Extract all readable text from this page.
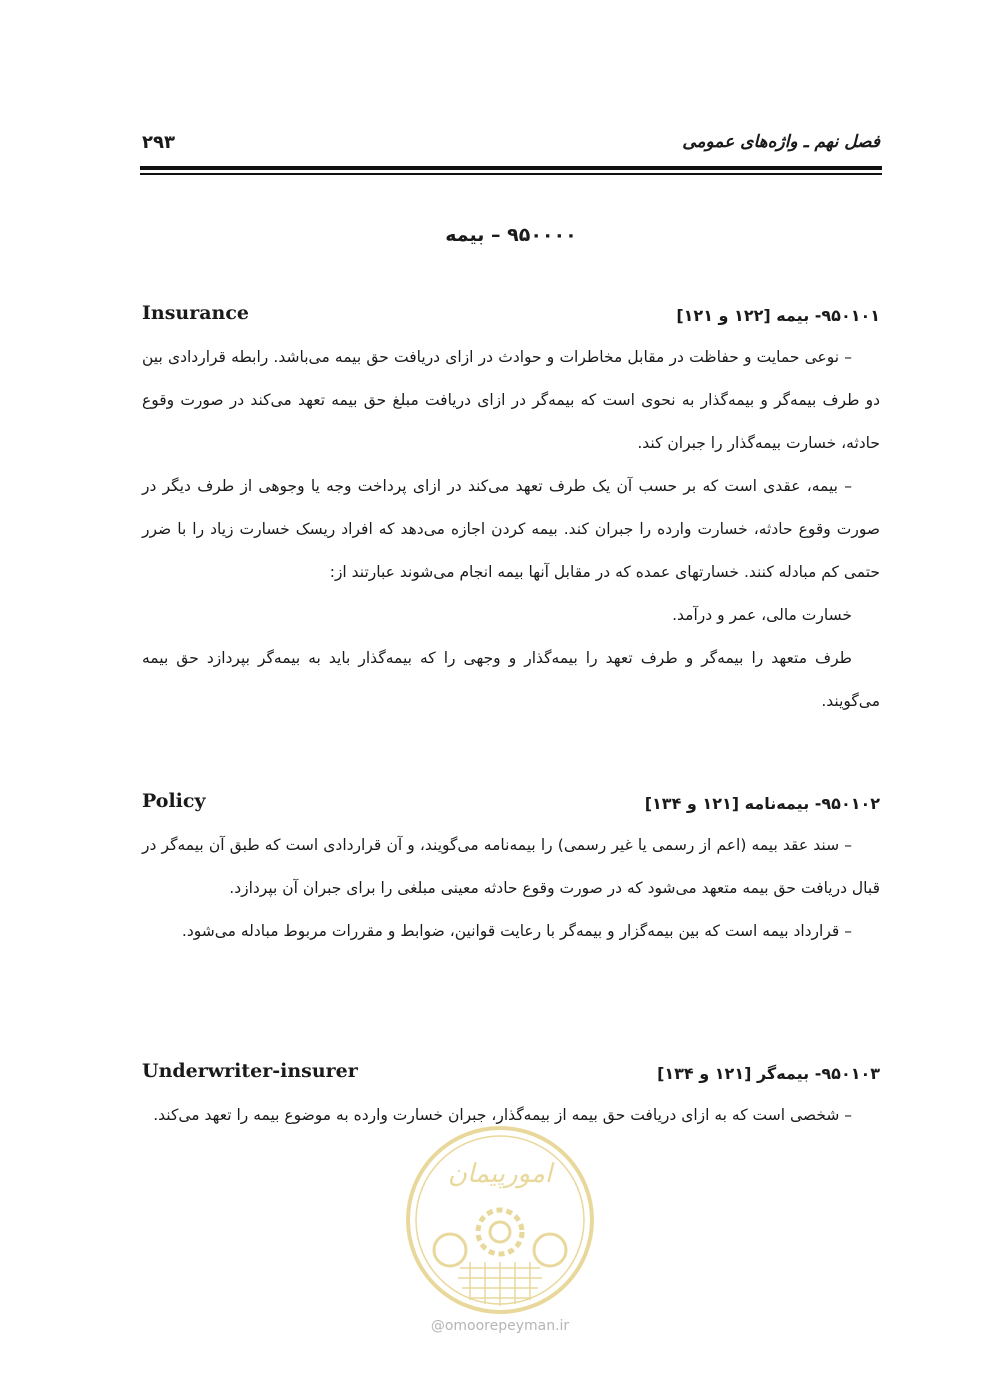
فصل نهم ـ واژه‌های عمومی
۲۹۳
۹۵۰۰۰۰ – بیمه
۹۵۰۱۰۱- بیمه [۱۲۲ و ۱۲۱]
Insurance

– نوعی حمایت و حفاظت در مقابل مخاطرات و حوادث در ازای دریافت حق بیمه می‌باشد. رابطه قراردادی بین دو طرف بیمه‌گر و بیمه‌گذار به نحوی است که بیمه‌گر در ازای دریافت مبلغ حق بیمه تعهد می‌کند در صورت وقوع حادثه، خسارت بیمه‌گذار را جبران کند.

– بیمه، عقدی است که بر حسب آن یک طرف تعهد می‌کند در ازای پرداخت وجه یا وجوهی از طرف دیگر در صورت وقوع حادثه، خسارت وارده را جبران کند. بیمه کردن اجازه می‌دهد که افراد ریسک خسارت زیاد را با ضرر حتمی کم مبادله کنند. خسارتهای عمده که در مقابل آنها بیمه انجام می‌شوند عبارتند از:

خسارت مالی، عمر و درآمد.

طرف متعهد را بیمه‌گر و طرف تعهد را بیمه‌گذار و وجهی را که بیمه‌گذار باید به بیمه‌گر بپردازد حق بیمه می‌گویند.

۹۵۰۱۰۲- بیمه‌نامه [۱۲۱ و ۱۳۴]
Policy

– سند عقد بیمه (اعم از رسمی یا غیر رسمی) را بیمه‌نامه می‌گویند، و آن قراردادی است که طبق آن بیمه‌گر در قبال دریافت حق بیمه متعهد می‌شود که در صورت وقوع حادثه معینی مبلغی را برای جبران آن بپردازد.

– قرارداد بیمه است که بین بیمه‌گزار و بیمه‌گر با رعایت قوانین، ضوابط و مقررات مربوط مبادله می‌شود.

۹۵۰۱۰۳- بیمه‌گر [۱۲۱ و ۱۳۴]
Underwriter-insurer

– شخصی است که به ازای دریافت حق بیمه از بیمه‌گذار، جبران خسارت وارده به موضوع بیمه را تعهد می‌کند.

امورپیمان
@omoorepeyman.ir
